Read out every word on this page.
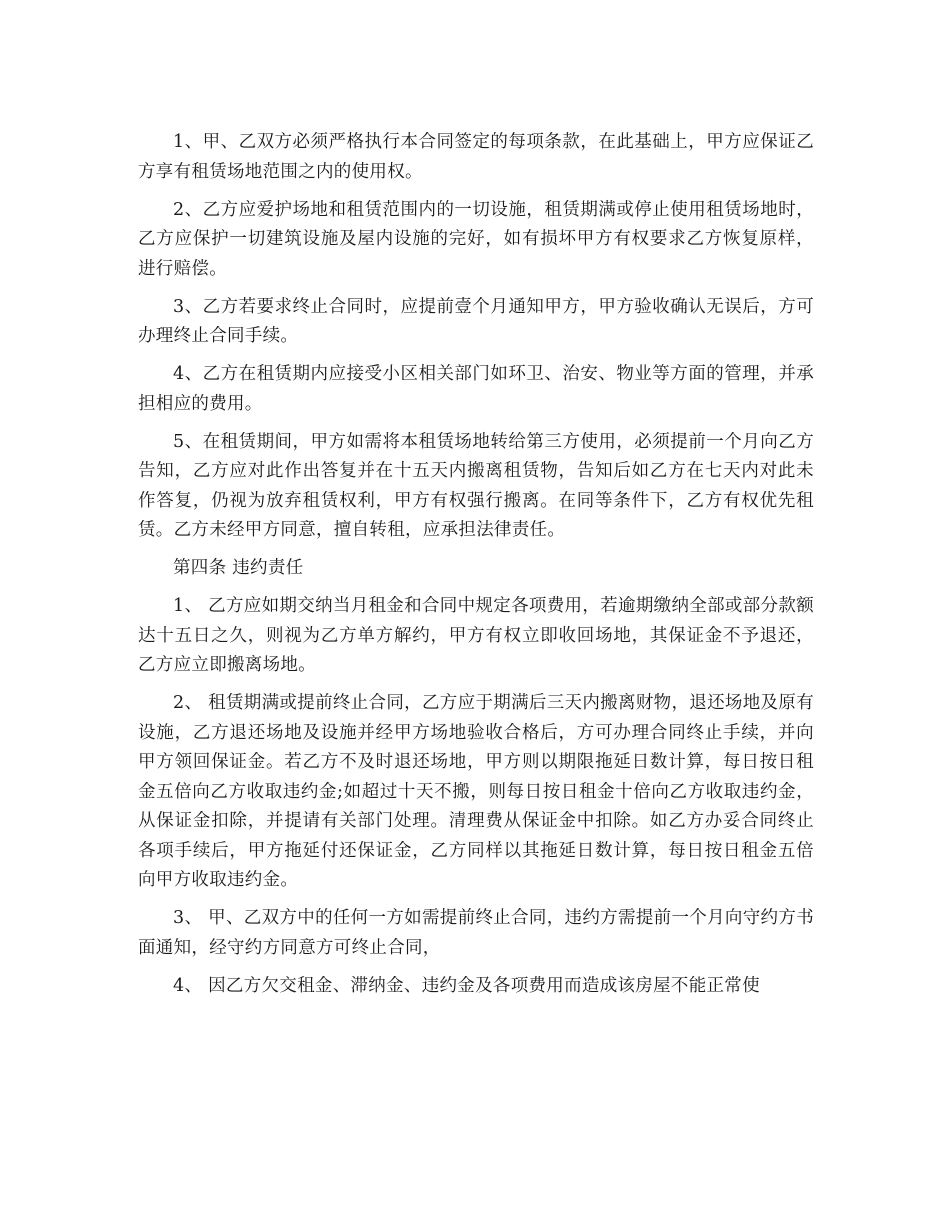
1、甲、乙双方必须严格执行本合同签定的每项条款，在此基础上，甲方应保证乙方享有租赁场地范围之内的使用权。

2、乙方应爱护场地和租赁范围内的一切设施，租赁期满或停止使用租赁场地时，乙方应保护一切建筑设施及屋内设施的完好，如有损坏甲方有权要求乙方恢复原样，进行赔偿。

3、乙方若要求终止合同时，应提前壹个月通知甲方，甲方验收确认无误后，方可办理终止合同手续。

4、乙方在租赁期内应接受小区相关部门如环卫、治安、物业等方面的管理，并承担相应的费用。

5、在租赁期间，甲方如需将本租赁场地转给第三方使用，必须提前一个月向乙方告知，乙方应对此作出答复并在十五天内搬离租赁物，告知后如乙方在七天内对此未作答复，仍视为放弃租赁权利，甲方有权强行搬离。在同等条件下，乙方有权优先租赁。乙方未经甲方同意，擅自转租，应承担法律责任。

第四条 违约责任

1、 乙方应如期交纳当月租金和合同中规定各项费用，若逾期缴纳全部或部分款额达十五日之久，则视为乙方单方解约，甲方有权立即收回场地，其保证金不予退还，乙方应立即搬离场地。

2、 租赁期满或提前终止合同，乙方应于期满后三天内搬离财物，退还场地及原有设施，乙方退还场地及设施并经甲方场地验收合格后，方可办理合同终止手续，并向甲方领回保证金。若乙方不及时退还场地，甲方则以期限拖延日数计算，每日按日租金五倍向乙方收取违约金;如超过十天不搬，则每日按日租金十倍向乙方收取违约金，从保证金扣除，并提请有关部门处理。清理费从保证金中扣除。如乙方办妥合同终止各项手续后，甲方拖延付还保证金，乙方同样以其拖延日数计算，每日按日租金五倍向甲方收取违约金。

3、 甲、乙双方中的任何一方如需提前终止合同，违约方需提前一个月向守约方书面通知，经守约方同意方可终止合同，

4、 因乙方欠交租金、滞纳金、违约金及各项费用而造成该房屋不能正常使
